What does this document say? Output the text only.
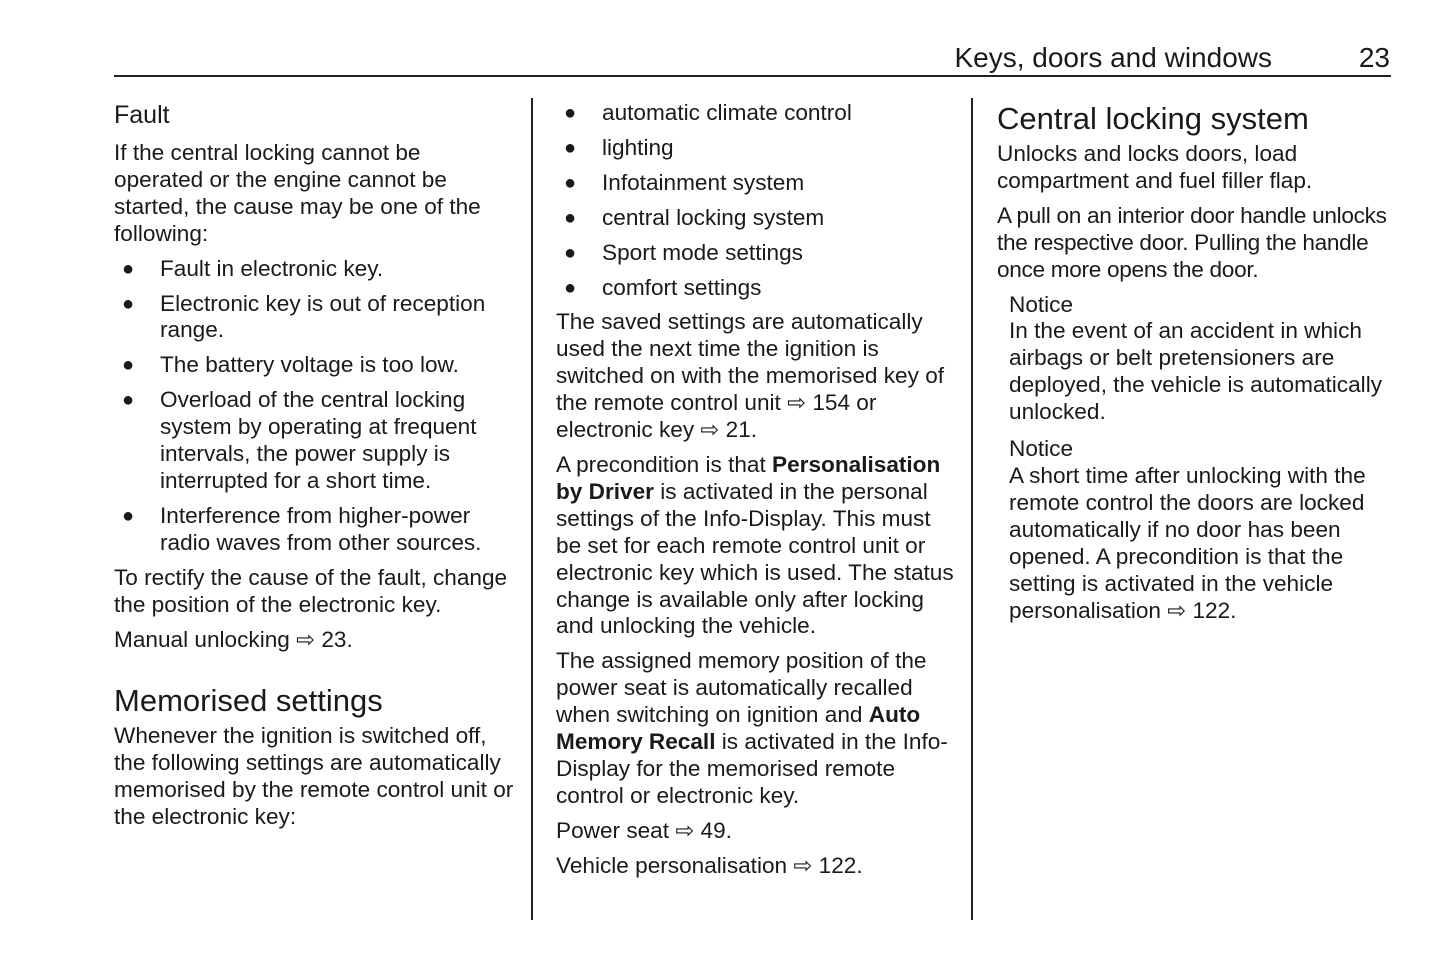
Keys, doors and windows	23
Fault

If the central locking cannot be operated or the engine cannot be started, the cause may be one of the following:

● Fault in electronic key.
● Electronic key is out of reception range.
● The battery voltage is too low.
● Overload of the central locking system by operating at frequent intervals, the power supply is interrupted for a short time.
● Interference from higher-power radio waves from other sources.

To rectify the cause of the fault, change the position of the electronic key.

Manual unlocking ⇨ 23.

Memorised settings

Whenever the ignition is switched off, the following settings are automatically memorised by the remote control unit or the electronic key:

● automatic climate control
● lighting
● Infotainment system
● central locking system
● Sport mode settings
● comfort settings

The saved settings are automatically used the next time the ignition is switched on with the memorised key of the remote control unit ⇨ 154 or electronic key ⇨ 21.

A precondition is that Personalisation by Driver is activated in the personal settings of the Info-Display. This must be set for each remote control unit or electronic key which is used. The status change is available only after locking and unlocking the vehicle.

The assigned memory position of the power seat is automatically recalled when switching on ignition and Auto Memory Recall is activated in the Info-Display for the memorised remote control or electronic key.

Power seat ⇨ 49.

Vehicle personalisation ⇨ 122.

Central locking system

Unlocks and locks doors, load compartment and fuel filler flap.

A pull on an interior door handle unlocks the respective door. Pulling the handle once more opens the door.

Notice
In the event of an accident in which airbags or belt pretensioners are deployed, the vehicle is automatically unlocked.
Notice
A short time after unlocking with the remote control the doors are locked automatically if no door has been opened. A precondition is that the setting is activated in the vehicle personalisation ⇨ 122.
